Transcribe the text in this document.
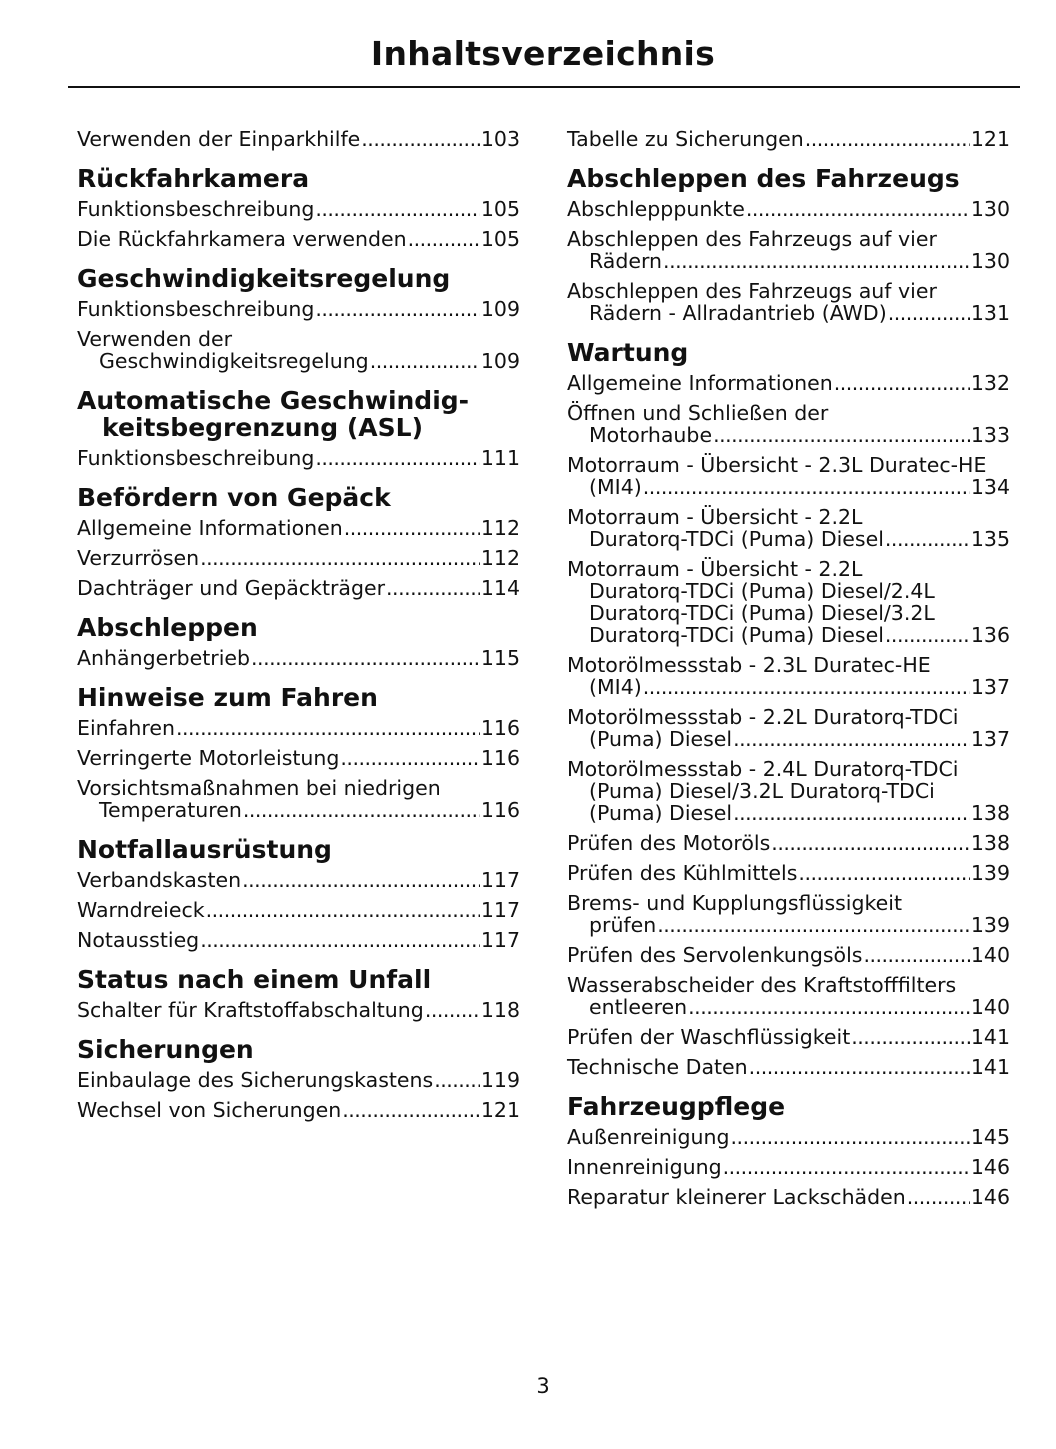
Inhaltsverzeichnis
Verwenden der Einparkhilfe .....	103
Rückfahrkamera
Funktionsbeschreibung .....	105
Die Rückfahrkamera verwenden .....	105
Geschwindigkeitsregelung
Funktionsbeschreibung .....	109
Verwenden der
Geschwindigkeitsregelung .....	109
Automatische Geschwindig-
keitsbegrenzung (ASL)
Funktionsbeschreibung .....	111
Befördern von Gepäck
Allgemeine Informationen .....	112
Verzurrösen .....	112
Dachträger und Gepäckträger .....	114
Abschleppen
Anhängerbetrieb .....	115
Hinweise zum Fahren
Einfahren .....	116
Verringerte Motorleistung .....	116
Vorsichtsmaßnahmen bei niedrigen
Temperaturen .....	116
Notfallausrüstung
Verbandskasten .....	117
Warndreieck .....	117
Notausstieg .....	117
Status nach einem Unfall
Schalter für Kraftstoffabschaltung .....	118
Sicherungen
Einbaulage des Sicherungskastens ..... 119
Wechsel von Sicherungen .....	121
Tabelle zu Sicherungen .....	121
Abschleppen des Fahrzeugs
Abschlepppunkte .....	130
Abschleppen des Fahrzeugs auf vier
Rädern .....	130
Abschleppen des Fahrzeugs auf vier
Rädern - Allradantrieb (AWD) .....	131
Wartung
Allgemeine Informationen .....	132
Öffnen und Schließen der
Motorhaube .....	133
Motorraum - Übersicht - 2.3L Duratec-HE
(MI4) .....	134
Motorraum - Übersicht - 2.2L
Duratorq-TDCi (Puma) Diesel .....	135
Motorraum - Übersicht - 2.2L
Duratorq-TDCi (Puma) Diesel/2.4L
Duratorq-TDCi (Puma) Diesel/3.2L
Duratorq-TDCi (Puma) Diesel .....	136
Motorölmessstab - 2.3L Duratec-HE
(MI4) .....	137
Motorölmessstab - 2.2L Duratorq-TDCi
(Puma) Diesel .....	137
Motorölmessstab - 2.4L Duratorq-TDCi
(Puma) Diesel/3.2L Duratorq-TDCi
(Puma) Diesel .....	138
Prüfen des Motoröls .....	138
Prüfen des Kühlmittels .....	139
Brems- und Kupplungsflüssigkeit
prüfen .....	139
Prüfen des Servolenkungsöls .....	140
Wasserabscheider des Kraftstofffilters
entleeren .....	140
Prüfen der Waschflüssigkeit .....	141
Technische Daten .....	141
Fahrzeugpflege
Außenreinigung .....	145
Innenreinigung .....	146
Reparatur kleinerer Lackschäden .....	146
3
